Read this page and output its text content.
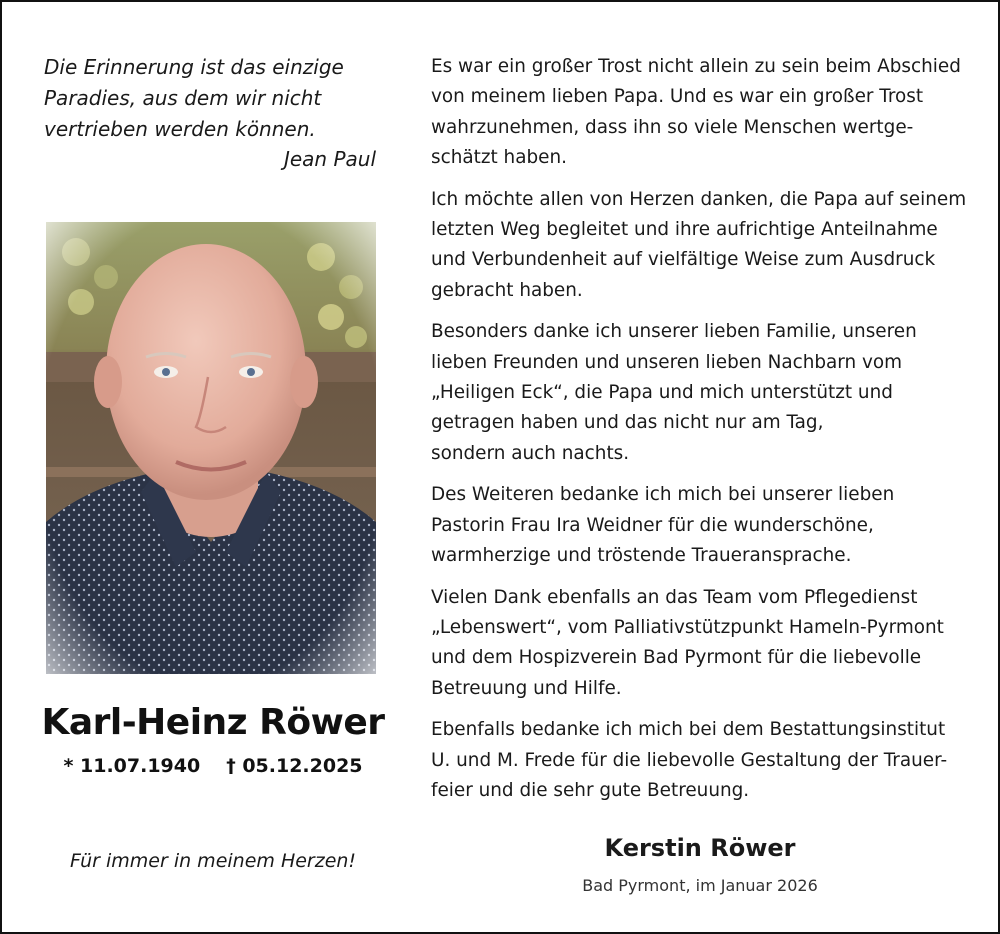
Die Erinnerung ist das einzige
Paradies, aus dem wir nicht
vertrieben werden können.
Jean Paul
Karl-Heinz Röwer
* 11.07.1940 † 05.12.2025
Für immer in meinem Herzen!
Es war ein großer Trost nicht allein zu sein beim Abschied
von meinem lieben Papa. Und es war ein großer Trost
wahrzunehmen, dass ihn so viele Menschen wertge-
schätzt haben.
Ich möchte allen von Herzen danken, die Papa auf seinem
letzten Weg begleitet und ihre aufrichtige Anteilnahme
und Verbundenheit auf vielfältige Weise zum Ausdruck
gebracht haben.
Besonders danke ich unserer lieben Familie, unseren
lieben Freunden und unseren lieben Nachbarn vom
„Heiligen Eck“, die Papa und mich unterstützt und
getragen haben und das nicht nur am Tag,
sondern auch nachts.
Des Weiteren bedanke ich mich bei unserer lieben
Pastorin Frau Ira Weidner für die wunderschöne,
warmherzige und tröstende Traueransprache.
Vielen Dank ebenfalls an das Team vom Pflegedienst
„Lebenswert“, vom Palliativstützpunkt Hameln-Pyrmont
und dem Hospizverein Bad Pyrmont für die liebevolle
Betreuung und Hilfe.
Ebenfalls bedanke ich mich bei dem Bestattungsinstitut
U. und M. Frede für die liebevolle Gestaltung der Trauer-
feier und die sehr gute Betreuung.
Kerstin Röwer
Bad Pyrmont, im Januar 2026
